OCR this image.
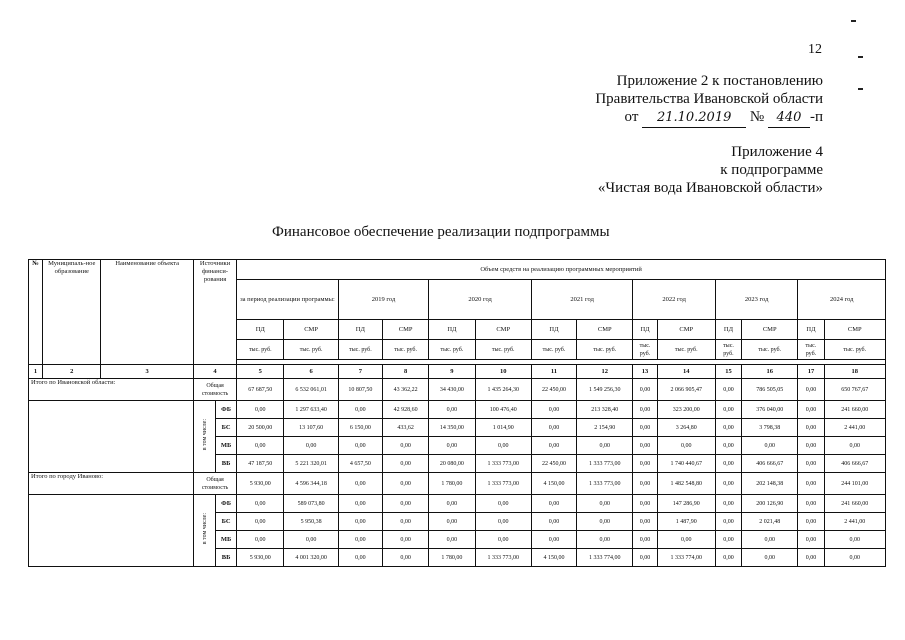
12
Приложение 2 к постановлению
Правительства Ивановской области
от 21.10.2019 № 440 -п
Приложение 4
к подпрограмме
«Чистая вода Ивановской области»
Финансовое обеспечение реализации подпрограммы
№	Муниципаль-ное образование	Наименование объекта	Источники финанси-рования		Объем средств на реализацию программных мероприятий													
					за период реализации программы:		2019 год		2020 год		2021 год		2022 год		2023 год		2024 год	
					ПД	СМР	ПД	СМР	ПД	СМР	ПД	СМР	ПД	СМР	ПД	СМР	ПД	СМР
					тыс. руб.	тыс. руб.	тыс. руб.	тыс. руб.	тыс. руб.	тыс. руб.	тыс. руб.	тыс. руб.	тыс. руб.	тыс. руб.	тыс. руб.	тыс. руб.	тыс. руб.	тыс. руб.

1	2	3	4		5	6	7	8	9	10	11	12	13	14	15	16	17	18
Итого по Ивановской области:			Общая стоимость		67 687,50	6 532 061,01	10 807,50	43 362,22	34 430,00	1 435 264,30	22 450,00	1 549 256,30	0,00	2 066 905,47	0,00	786 505,05	0,00	650 767,67
			в том числе:	ФБ	0,00	1 297 633,40	0,00	42 928,60	0,00	100 476,40	0,00	213 328,40	0,00	323 200,00	0,00	376 040,00	0,00	241 660,00
				БС	20 500,00	13 107,60	6 150,00	433,62	14 350,00	1 014,90	0,00	2 154,90	0,00	3 264,80	0,00	3 798,38	0,00	2 441,00
				МБ	0,00	0,00	0,00	0,00	0,00	0,00	0,00	0,00	0,00	0,00	0,00	0,00	0,00	0,00
				ВБ	47 187,50	5 221 320,01	4 657,50	0,00	20 080,00	1 333 773,00	22 450,00	1 333 773,00	0,00	1 740 440,67	0,00	406 666,67	0,00	406 666,67
Итого по городу Иваново:			Общая стоимость		5 930,00	4 596 344,18	0,00	0,00	1 780,00	1 333 773,00	4 150,00	1 333 773,00	0,00	1 482 548,80	0,00	202 148,38	0,00	244 101,00
			в том числе:	ФБ	0,00	589 073,80	0,00	0,00	0,00	0,00	0,00	0,00	0,00	147 286,90	0,00	200 126,90	0,00	241 660,00
				БС	0,00	5 950,38	0,00	0,00	0,00	0,00	0,00	0,00	0,00	1 487,90	0,00	2 021,48	0,00	2 441,00
				МБ	0,00	0,00	0,00	0,00	0,00	0,00	0,00	0,00	0,00	0,00	0,00	0,00	0,00	0,00
				ВБ	5 930,00	4 001 320,00	0,00	0,00	1 780,00	1 333 773,00	4 150,00	1 333 774,00	0,00	1 333 774,00	0,00	0,00	0,00	0,00
